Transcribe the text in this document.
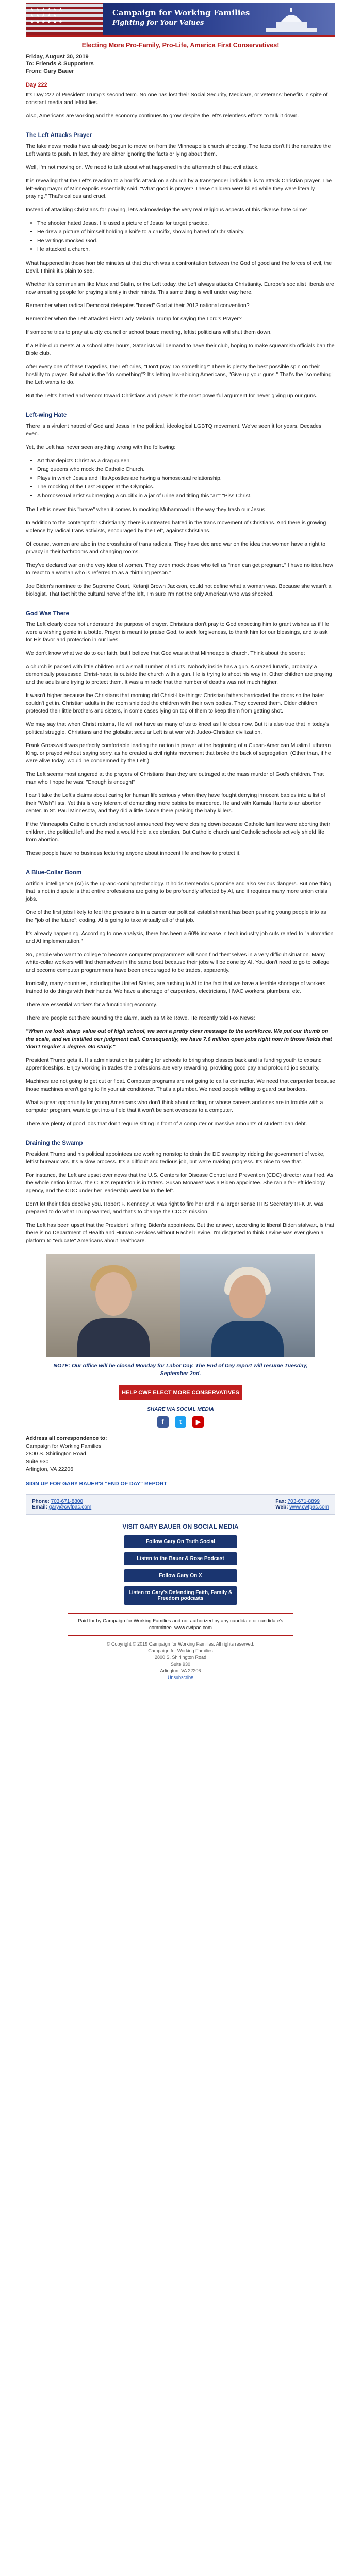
★★★★★★ ★★★★★ ★★★★★★
Campaign for Working Families
Fighting for Your Values
Electing More Pro-Family, Pro-Life, America First Conservatives!
Friday, August 30, 2019
To: Friends & Supporters
From: Gary Bauer
Day 222

It's Day 222 of President Trump's second term. No one has lost their Social Security, Medicare, or veterans' benefits in spite of constant media and leftist lies.

Also, Americans are working and the economy continues to grow despite the left's relentless efforts to talk it down.

The Left Attacks Prayer

The fake news media have already begun to move on from the Minneapolis church shooting. The facts don't fit the narrative the Left wants to push. In fact, they are either ignoring the facts or lying about them.

Well, I'm not moving on. We need to talk about what happened in the aftermath of that evil attack.

It is revealing that the Left's reaction to a horrific attack on a church by a transgender individual is to attack Christian prayer. The left-wing mayor of Minneapolis essentially said, "What good is prayer? These children were killed while they were literally praying." That's callous and cruel.

Instead of attacking Christians for praying, let's acknowledge the very real religious aspects of this diverse hate crime:

• The shooter hated Jesus. He used a picture of Jesus for target practice.
• He drew a picture of himself holding a knife to a crucifix, showing hatred of Christianity.
• He writings mocked God.
• He attacked a church.

What happened in those horrible minutes at that church was a confrontation between the God of good and the forces of evil, the Devil. I think it's plain to see.

Whether it's communism like Marx and Stalin, or the Left today, the Left always attacks Christianity. Europe's socialist liberals are now arresting people for praying silently in their minds. This same thing is well under way here.

Remember when radical Democrat delegates "booed" God at their 2012 national convention?

Remember when the Left attacked First Lady Melania Trump for saying the Lord's Prayer?

If someone tries to pray at a city council or school board meeting, leftist politicians will shut them down.

If a Bible club meets at a school after hours, Satanists will demand to have their club, hoping to make squeamish officials ban the Bible club.

After every one of these tragedies, the Left cries, "Don't pray. Do something!" There is plenty the best possible spin on their hostility to prayer. But what is the "do something"? It's letting law-abiding Americans, "Give up your guns." That's the "something" the Left wants to do.

But the Left's hatred and venom toward Christians and prayer is the most powerful argument for never giving up our guns.

Left-wing Hate

There is a virulent hatred of God and Jesus in the political, ideological LGBTQ movement. We've seen it for years. Decades even.

Yet, the Left has never seen anything wrong with the following:

• Art that depicts Christ as a drag queen.
• Drag queens who mock the Catholic Church.
• Plays in which Jesus and His Apostles are having a homosexual relationship.
• The mocking of the Last Supper at the Olympics.
• A homosexual artist submerging a crucifix in a jar of urine and titling this "art" "Piss Christ."

The Left is never this "brave" when it comes to mocking Muhammad in the way they trash our Jesus.

In addition to the contempt for Christianity, there is untreated hatred in the trans movement of Christians. And there is growing violence by radical trans activists, encouraged by the Left, against Christians.

Of course, women are also in the crosshairs of trans radicals. They have declared war on the idea that women have a right to privacy in their bathrooms and changing rooms.

They've declared war on the very idea of women. They even mock those who tell us "men can get pregnant." I have no idea how to react to a woman who is referred to as a "birthing person."

Joe Biden's nominee to the Supreme Court, Ketanji Brown Jackson, could not define what a woman was. Because she wasn't a biologist. That fact hit the cultural nerve of the left, I'm sure I'm not the only American who was shocked.

God Was There

The Left clearly does not understand the purpose of prayer. Christians don't pray to God expecting him to grant wishes as if He were a wishing genie in a bottle. Prayer is meant to praise God, to seek forgiveness, to thank him for our blessings, and to ask for His favor and protection in our lives.

We don't know what we do to our faith, but I believe that God was at that Minneapolis church. Think about the scene:

A church is packed with little children and a small number of adults. Nobody inside has a gun. A crazed lunatic, probably a demonically possessed Christ-hater, is outside the church with a gun. He is trying to shoot his way in. Other children are praying and the adults are trying to protect them. It was a miracle that the number of deaths was not much higher.

It wasn't higher because the Christians that morning did Christ-like things: Christian fathers barricaded the doors so the hater couldn't get in. Christian adults in the room shielded the children with their own bodies. They covered them. Older children protected their little brothers and sisters, in some cases lying on top of them to keep them from getting shot.

We may say that when Christ returns, He will not have as many of us to kneel as He does now. But it is also true that in today's political struggle, Christians and the globalist secular Left is at war with Judeo-Christian civilization.

Frank Grosswald was perfectly comfortable leading the nation in prayer at the beginning of a Cuban-American Muslim Lutheran King. or prayed without saying sorry, as he created a civil rights movement that broke the back of segregation. (Other than, if he were alive today, would he condemned by the Left.)

The Left seems most angered at the prayers of Christians than they are outraged at the mass murder of God's children. That man who I hope he was: "Enough is enough!"

I can't take the Left's claims about caring for human life seriously when they have fought denying innocent babies into a list of their "Wish" lists. Yet this is very tolerant of demanding more babies be murdered. He and with Kamala Harris to an abortion center. In St. Paul Minnesota, and they did a little dance there praising the baby killers.

If the Minneapolis Catholic church and school announced they were closing down because Catholic families were aborting their children, the political left and the media would hold a celebration. But Catholic church and Catholic schools actively shield life from abortion.

These people have no business lecturing anyone about innocent life and how to protect it.

A Blue-Collar Boom

Artificial intelligence (AI) is the up-and-coming technology. It holds tremendous promise and also serious dangers. But one thing that is not in dispute is that entire professions are going to be profoundly affected by AI, and it requires many more union crisis jobs.

One of the first jobs likely to feel the pressure is in a career our political establishment has been pushing young people into as the "job of the future": coding. AI is going to take virtually all of that job.

It's already happening. According to one analysis, there has been a 60% increase in tech industry job cuts related to "automation and AI implementation."

So, people who want to college to become computer programmers will soon find themselves in a very difficult situation. Many white-collar workers will find themselves in the same boat because their jobs will be done by AI. You don't need to go to college and become computer programmers have been encouraged to be trades, apparently.

Ironically, many countries, including the United States, are rushing to AI to the fact that we have a terrible shortage of workers trained to do things with their hands. We have a shortage of carpenters, electricians, HVAC workers, plumbers, etc.

There are essential workers for a functioning economy.

There are people out there sounding the alarm, such as Mike Rowe. He recently told Fox News:

"When we look sharp value out of high school, we sent a pretty clear message to the workforce. We put our thumb on the scale, and we instilled our judgment call. Consequently, we have 7.6 million open jobs right now in those fields that 'don't require' a degree. Go study."

President Trump gets it. His administration is pushing for schools to bring shop classes back and is funding youth to expand apprenticeships. Enjoy working in trades the professions are very rewarding, providing good pay and profound job security.

Machines are not going to get cut or float. Computer programs are not going to call a contractor. We need that carpenter because those machines aren't going to fix your air conditioner. That's a plumber. We need people willing to guard our borders.

What a great opportunity for young Americans who don't think about coding, or whose careers and ones are in trouble with a computer program, want to get into a field that it won't be sent overseas to a computer.

There are plenty of good jobs that don't require sitting in front of a computer or massive amounts of student loan debt.

Draining the Swamp

President Trump and his political appointees are working nonstop to drain the DC swamp by ridding the government of woke, leftist bureaucrats. It's a slow process. It's a difficult and tedious job, but we're making progress. It's nice to see that.

For instance, the Left are upset over news that the U.S. Centers for Disease Control and Prevention (CDC) director was fired. As the whole nation knows, the CDC's reputation is in tatters. Susan Monarez was a Biden appointee. She ran a far-left ideology agency, and the CDC under her leadership went far to the left.

Don't let their titles deceive you. Robert F. Kennedy Jr. was right to fire her and in a larger sense HHS Secretary RFK Jr. was prepared to do what Trump wanted, and that's to change the CDC's mission.

The Left has been upset that the President is firing Biden's appointees. But the answer, according to liberal Biden stalwart, is that there is no Department of Health and Human Services without Rachel Levine. I'm disgusted to think Levine was ever given a platform to "educate" Americans about healthcare.

NOTE: Our office will be closed Monday for Labor Day. The End of Day report will resume Tuesday, September 2nd.
HELP CWF ELECT MORE CONSERVATIVES
SHARE VIA SOCIAL MEDIA
f	t ▶
Address all correspondence to:
Campaign for Working Families
2800 S. Shirlington Road
Suite 930
Arlington, VA 22206
SIGN UP FOR GARY BAUER'S "END OF DAY" REPORT
Phone: 703-671-8800
Email: gary@cwfpac.com
Fax: 703-671-8899
Web: www.cwfpac.com
VISIT GARY BAUER ON SOCIAL MEDIA
Follow Gary On Truth Social
Listen to the Bauer & Rose Podcast
Follow Gary On X
Listen to Gary's Defending Faith, Family & Freedom podcasts
Paid for by Campaign for Working Families and not authorized by any candidate or candidate's committee. www.cwfpac.com
© Copyright © 2019 Campaign for Working Families. All rights reserved.
Campaign for Working Families
2800 S. Shirlington Road
Suite 930
Arlington, VA 22206
Unsubscribe
